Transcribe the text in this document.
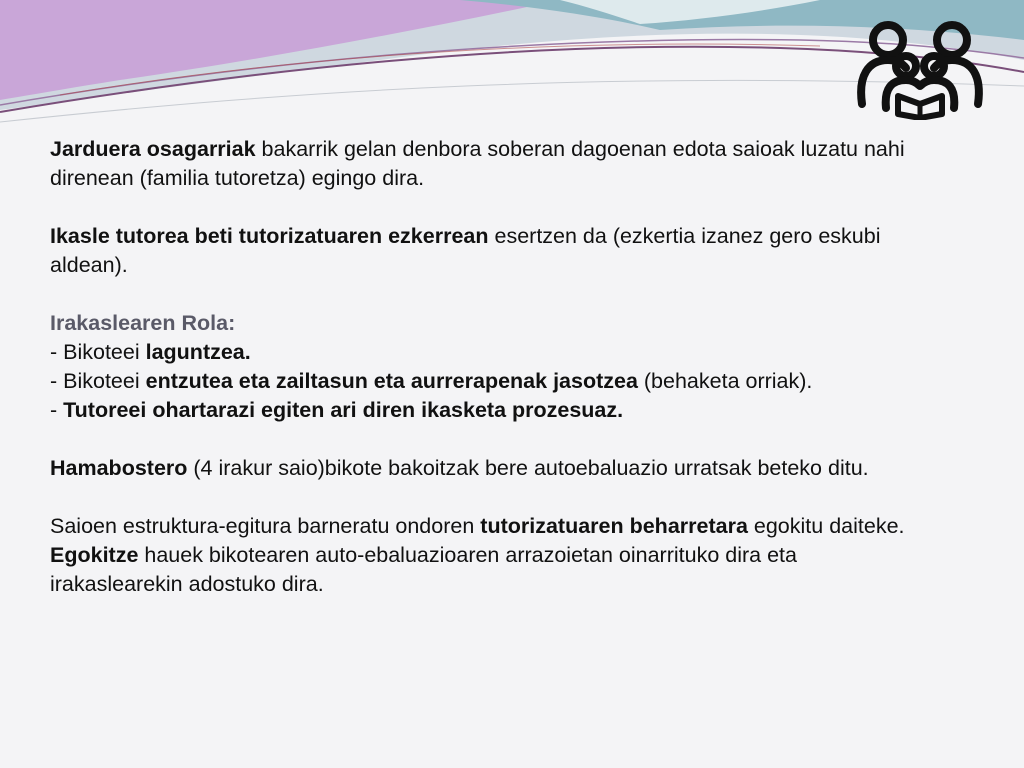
Jarduera osagarriak bakarrik gelan denbora soberan dagoenan edota saioak luzatu nahi direnean (familia tutoretza) egingo dira.

Ikasle tutorea beti tutorizatuaren ezkerrean esertzen da (ezkertia izanez gero eskubi aldean).

Irakaslearen Rola:
- Bikoteei laguntzea.
- Bikoteei entzutea eta zailtasun eta aurrerapenak jasotzea (behaketa orriak).
- Tutoreei ohartarazi egiten ari diren ikasketa prozesuaz.

Hamabostero (4 irakur saio)bikote bakoitzak bere autoebaluazio urratsak beteko ditu.

Saioen estruktura-egitura barneratu ondoren tutorizatuaren beharretara egokitu daiteke. Egokitze hauek bikotearen auto-ebaluazioaren arrazoietan oinarrituko dira eta irakaslearekin adostuko dira.
